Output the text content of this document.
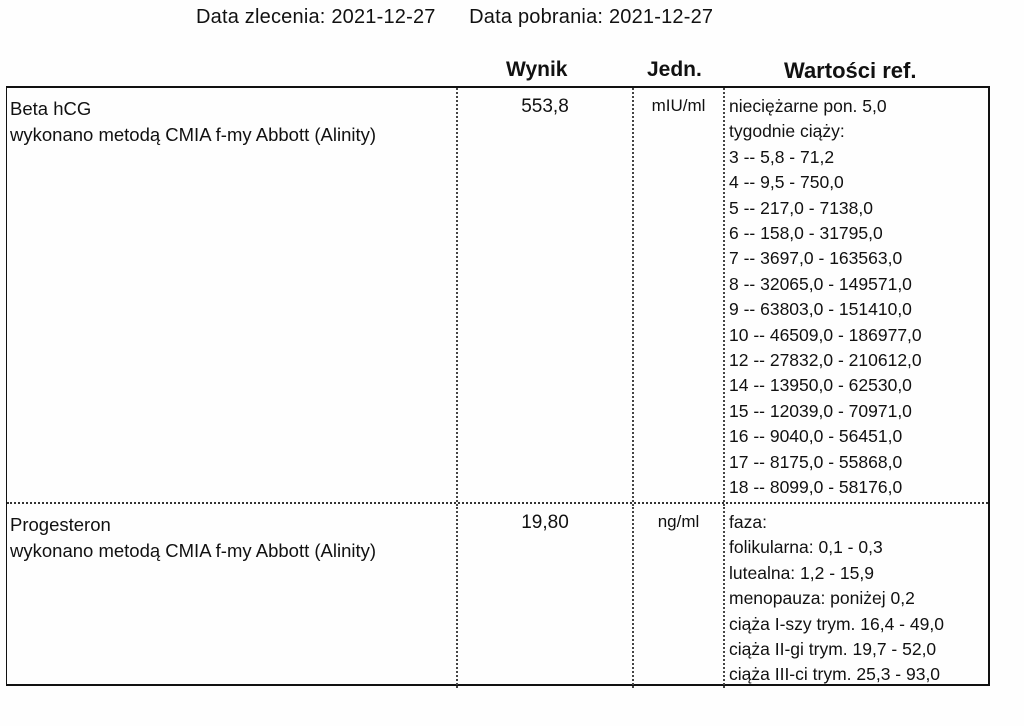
Data zlecenia: 2021-12-27 Data pobrania: 2021-12-27
Wynik	Jedn.	Wartości ref.
Beta hCG
wykonano metodą CMIA f-my Abbott (Alinity)
553,8	mIU/ml	nieciężarne pon. 5,0
tygodnie ciąży:
3 -- 5,8 - 71,2
4 -- 9,5 - 750,0
5 -- 217,0 - 7138,0
6 -- 158,0 - 31795,0
7 -- 3697,0 - 163563,0
8 -- 32065,0 - 149571,0
9 -- 63803,0 - 151410,0
10 -- 46509,0 - 186977,0
12 -- 27832,0 - 210612,0
14 -- 13950,0 - 62530,0
15 -- 12039,0 - 70971,0
16 -- 9040,0 - 56451,0
17 -- 8175,0 - 55868,0
18 -- 8099,0 - 58176,0
Progesteron
wykonano metodą CMIA f-my Abbott (Alinity)
19,80	ng/ml	faza:
folikularna: 0,1 - 0,3
lutealna: 1,2 - 15,9
menopauza: poniżej 0,2
ciąża I-szy trym. 16,4 - 49,0
ciąża II-gi trym. 19,7 - 52,0
ciąża III-ci trym. 25,3 - 93,0
